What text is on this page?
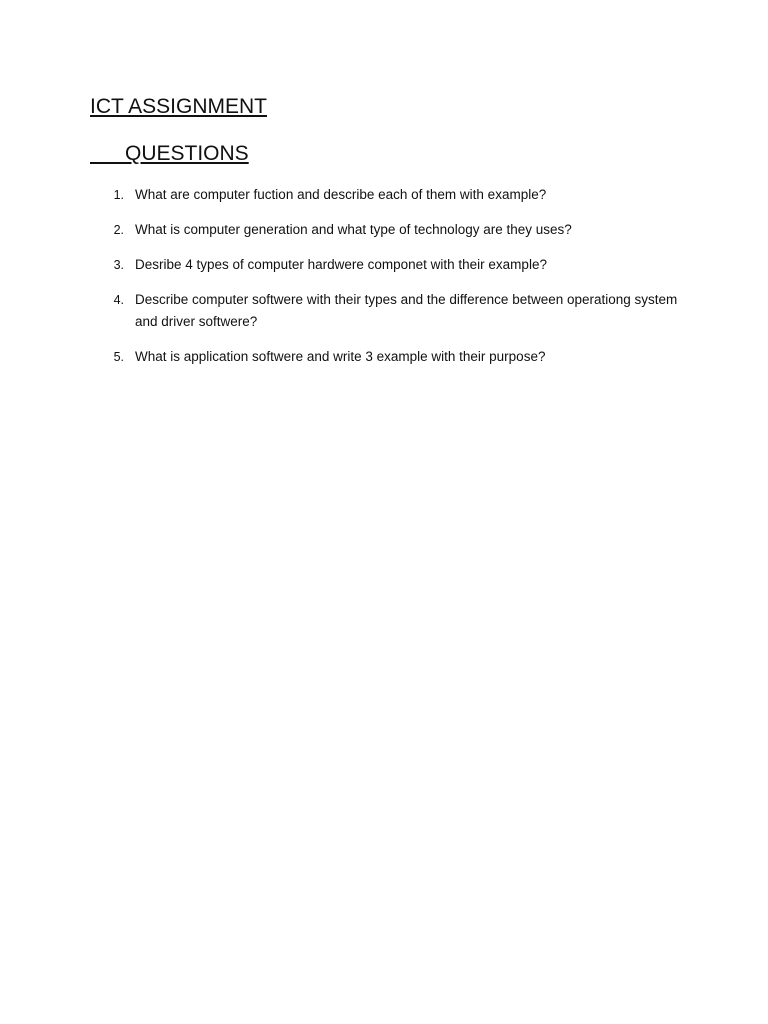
ICT ASSIGNMENT
QUESTIONS
1. What are computer fuction and describe each of them with example?
2. What is computer generation and what type of technology are they uses?
3. Desribe 4 types of computer hardwere componet with their example?
4. Describe computer softwere with their types and the difference between operationg system and driver softwere?
5. What is application softwere and write 3 example with their purpose?
